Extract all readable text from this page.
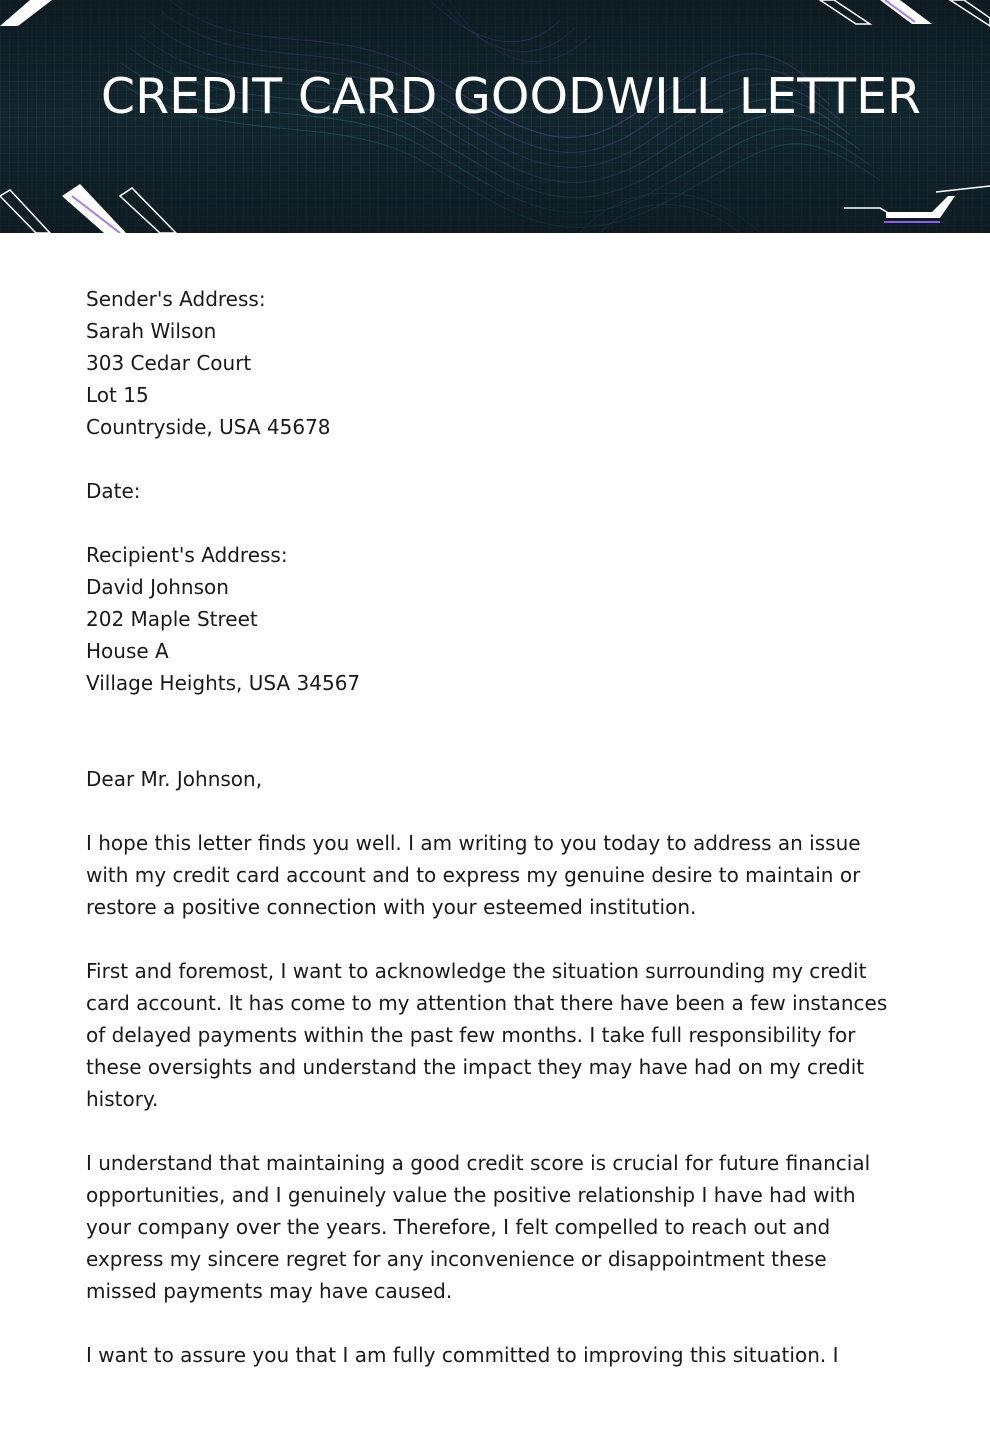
CREDIT CARD GOODWILL LETTER
Sender's Address:
Sarah Wilson
303 Cedar Court
Lot 15
Countryside, USA 45678
Date:
Recipient's Address:
David Johnson
202 Maple Street
House A
Village Heights, USA 34567
Dear Mr. Johnson,
I hope this letter finds you well. I am writing to you today to address an issue with my credit card account and to express my genuine desire to maintain or restore a positive connection with your esteemed institution.
First and foremost, I want to acknowledge the situation surrounding my credit card account. It has come to my attention that there have been a few instances of delayed payments within the past few months. I take full responsibility for these oversights and understand the impact they may have had on my credit history.
I understand that maintaining a good credit score is crucial for future financial opportunities, and I genuinely value the positive relationship I have had with your company over the years. Therefore, I felt compelled to reach out and express my sincere regret for any inconvenience or disappointment these missed payments may have caused.
I want to assure you that I am fully committed to improving this situation. I
